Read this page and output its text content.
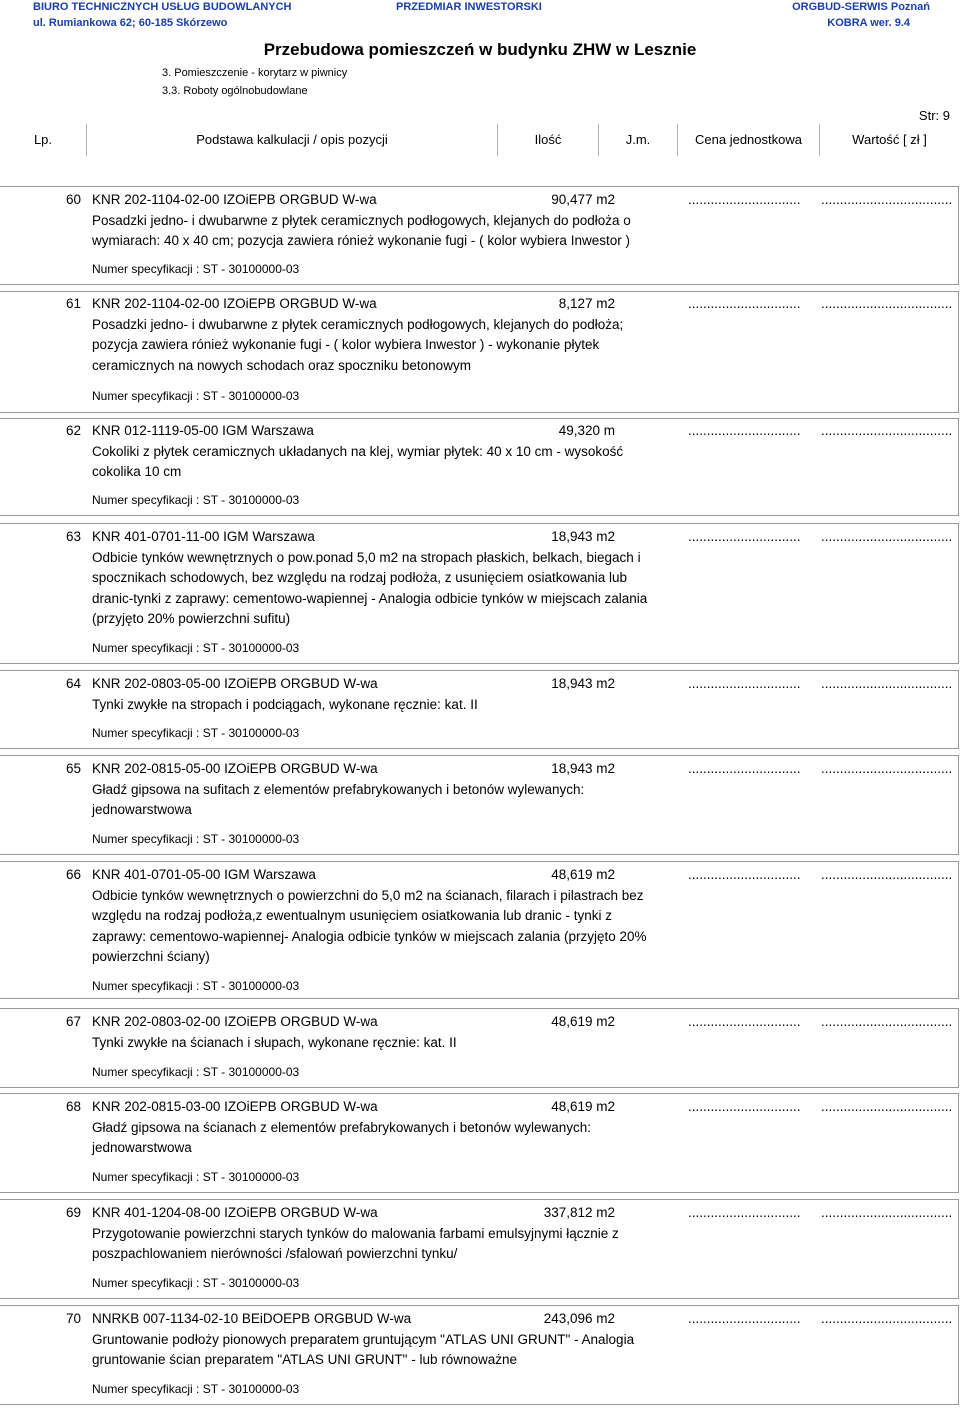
BIURO TECHNICZNYCH USŁUG BUDOWLANYCH
ul. Rumiankowa 62; 60-185 Skórzewo
PRZEDMIAR INWESTORSKI	ORGBUD-SERWIS Poznań
KOBRA wer. 9.4
Przebudowa pomieszczeń w budynku ZHW w Lesznie
3. Pomieszczenie - korytarz w piwnicy
3.3. Roboty ogólnobudowlane
Str: 9
Lp.	Podstawa kalkulacji / opis pozycji	Ilość	J.m.	Cena jednostkowa	Wartość [ zł ]
60 KNR 202-1104-02-00 IZOiEPB ORGBUD W-wa	90,477 m2	.............................. ...................................
Posadzki jedno- i dwubarwne z płytek ceramicznych podłogowych, klejanych do podłoża o wymiarach: 40 x 40 cm; pozycja zawiera rónież wykonanie fugi - ( kolor wybiera Inwestor )
Numer specyfikacji : ST - 30100000-03
61 KNR 202-1104-02-00 IZOiEPB ORGBUD W-wa	8,127 m2	.............................. ...................................
Posadzki jedno- i dwubarwne z płytek ceramicznych podłogowych, klejanych do podłoża; pozycja zawiera rónież wykonanie fugi - ( kolor wybiera Inwestor ) - wykonanie płytek ceramicznych na nowych schodach oraz spoczniku betonowym
Numer specyfikacji : ST - 30100000-03
62 KNR 012-1119-05-00 IGM Warszawa	49,320 m	.............................. ...................................
Cokoliki z płytek ceramicznych układanych na klej, wymiar płytek: 40 x 10 cm - wysokość cokolika 10 cm
Numer specyfikacji : ST - 30100000-03
63 KNR 401-0701-11-00 IGM Warszawa	18,943 m2	.............................. ...................................
Odbicie tynków wewnętrznych o pow.ponad 5,0 m2 na stropach płaskich, belkach, biegach i spocznikach schodowych, bez względu na rodzaj podłoża, z usunięciem osiatkowania lub dranic-tynki z zaprawy: cementowo-wapiennej - Analogia odbicie tynków w miejscach zalania (przyjęto 20% powierzchni sufitu)
Numer specyfikacji : ST - 30100000-03
64 KNR 202-0803-05-00 IZOiEPB ORGBUD W-wa	18,943 m2	.............................. ...................................
Tynki zwykłe na stropach i podciągach, wykonane ręcznie: kat. II
Numer specyfikacji : ST - 30100000-03
65 KNR 202-0815-05-00 IZOiEPB ORGBUD W-wa	18,943 m2	.............................. ...................................
Gładź gipsowa na sufitach z elementów prefabrykowanych i betonów wylewanych: jednowarstwowa
Numer specyfikacji : ST - 30100000-03
66 KNR 401-0701-05-00 IGM Warszawa	48,619 m2	.............................. ...................................
Odbicie tynków wewnętrznych o powierzchni do 5,0 m2 na ścianach, filarach i pilastrach bez względu na rodzaj podłoża,z ewentualnym usunięciem osiatkowania lub dranic - tynki z zaprawy: cementowo-wapiennej- Analogia odbicie tynków w miejscach zalania (przyjęto 20% powierzchni ściany)
Numer specyfikacji : ST - 30100000-03
67 KNR 202-0803-02-00 IZOiEPB ORGBUD W-wa	48,619 m2	.............................. ...................................
Tynki zwykłe na ścianach i słupach, wykonane ręcznie: kat. II
Numer specyfikacji : ST - 30100000-03
68 KNR 202-0815-03-00 IZOiEPB ORGBUD W-wa	48,619 m2	.............................. ...................................
Gładź gipsowa na ścianach z elementów prefabrykowanych i betonów wylewanych: jednowarstwowa
Numer specyfikacji : ST - 30100000-03
69 KNR 401-1204-08-00 IZOiEPB ORGBUD W-wa	337,812 m2	.............................. ...................................
Przygotowanie powierzchni starych tynków do malowania farbami emulsyjnymi łącznie z poszpachlowaniem nierówności /sfalowań powierzchni tynku/
Numer specyfikacji : ST - 30100000-03
70 NNRKB 007-1134-02-10 BEiDOEPB ORGBUD W-wa	243,096 m2	.............................. ...................................
Gruntowanie podłoży pionowych preparatem gruntującym "ATLAS UNI GRUNT" - Analogia gruntowanie ścian preparatem "ATLAS UNI GRUNT" - lub równoważne
Numer specyfikacji : ST - 30100000-03
